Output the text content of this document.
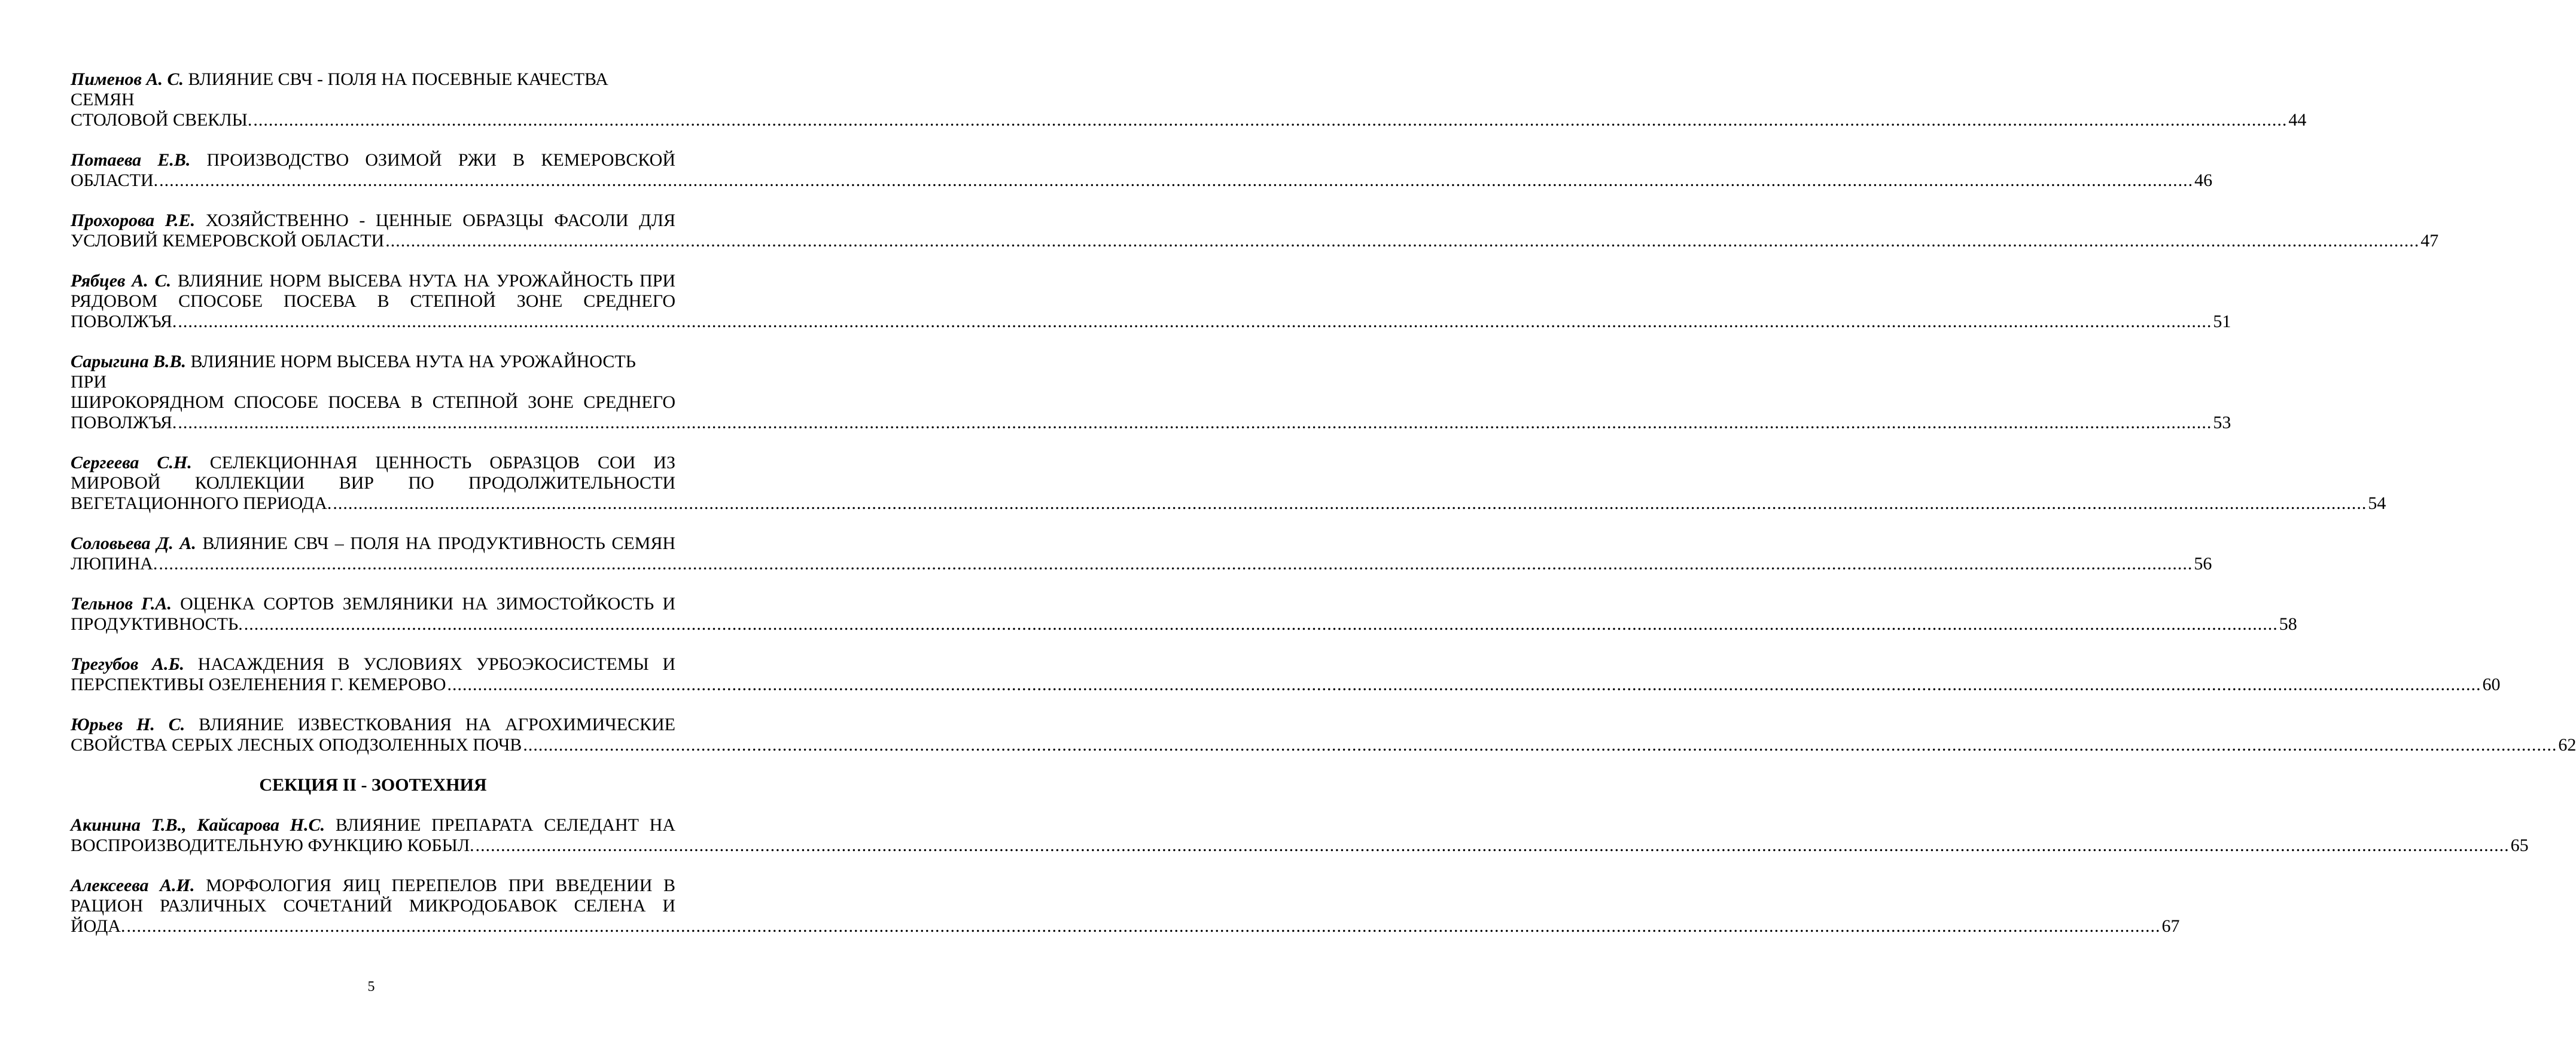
Пименов А. С. ВЛИЯНИЕ СВЧ - ПОЛЯ НА ПОСЕВНЫЕ КАЧЕСТВА СЕМЯН
СТОЛОВОЙ СВЕКЛЫ. ................................................................................................................................................................................................................................................................................................................................................................................................................ 44
Потаева Е.В. ПРОИЗВОДСТВО ОЗИМОЙ РЖИ В КЕМЕРОВСКОЙ
ОБЛАСТИ. ................................................................................................................................................................................................................................................................................................................................................................................................................ 46
Прохорова Р.Е. ХОЗЯЙСТВЕННО - ЦЕННЫЕ ОБРАЗЦЫ ФАСОЛИ ДЛЯ
УСЛОВИЙ КЕМЕРОВСКОЙ ОБЛАСТИ ................................................................................................................................................................................................................................................................................................................................................................................................................ 47
Рябцев А. С. ВЛИЯНИЕ НОРМ ВЫСЕВА НУТА НА УРОЖАЙНОСТЬ ПРИ
РЯДОВОМ СПОСОБЕ ПОСЕВА В СТЕПНОЙ ЗОНЕ СРЕДНЕГО
ПОВОЛЖЪЯ. ................................................................................................................................................................................................................................................................................................................................................................................................................ 51
Сарыгина В.В. ВЛИЯНИЕ НОРМ ВЫСЕВА НУТА НА УРОЖАЙНОСТЬ ПРИ
ШИРОКОРЯДНОМ СПОСОБЕ ПОСЕВА В СТЕПНОЙ ЗОНЕ СРЕДНЕГО
ПОВОЛЖЪЯ. ................................................................................................................................................................................................................................................................................................................................................................................................................ 53
Сергеева С.Н. СЕЛЕКЦИОННАЯ ЦЕННОСТЬ ОБРАЗЦОВ СОИ ИЗ
МИРОВОЙ КОЛЛЕКЦИИ ВИР ПО ПРОДОЛЖИТЕЛЬНОСТИ
ВЕГЕТАЦИОННОГО ПЕРИОДА. ................................................................................................................................................................................................................................................................................................................................................................................................................ 54
Соловьева Д. А. ВЛИЯНИЕ СВЧ – ПОЛЯ НА ПРОДУКТИВНОСТЬ СЕМЯН
ЛЮПИНА. ................................................................................................................................................................................................................................................................................................................................................................................................................ 56
Тельнов Г.А. ОЦЕНКА СОРТОВ ЗЕМЛЯНИКИ НА ЗИМОСТОЙКОСТЬ И
ПРОДУКТИВНОСТЬ. ................................................................................................................................................................................................................................................................................................................................................................................................................ 58
Трегубов А.Б. НАСАЖДЕНИЯ В УСЛОВИЯХ УРБОЭКОСИСТЕМЫ И
ПЕРСПЕКТИВЫ ОЗЕЛЕНЕНИЯ Г. КЕМЕРОВО ................................................................................................................................................................................................................................................................................................................................................................................................................ 60
Юрьев Н. С. ВЛИЯНИЕ ИЗВЕСТКОВАНИЯ НА АГРОХИМИЧЕСКИЕ
СВОЙСТВА СЕРЫХ ЛЕСНЫХ ОПОДЗОЛЕННЫХ ПОЧВ ................................................................................................................................................................................................................................................................................................................................................................................................................ 62
СЕКЦИЯ II - ЗООТЕХНИЯ
Акинина Т.В., Кайсарова Н.С. ВЛИЯНИЕ ПРЕПАРАТА СЕЛЕДАНТ НА
ВОСПРОИЗВОДИТЕЛЬНУЮ ФУНКЦИЮ КОБЫЛ. ................................................................................................................................................................................................................................................................................................................................................................................................................ 65
Алексеева А.И. МОРФОЛОГИЯ ЯИЦ ПЕРЕПЕЛОВ ПРИ ВВЕДЕНИИ В
РАЦИОН РАЗЛИЧНЫХ СОЧЕТАНИЙ МИКРОДОБАВОК СЕЛЕНА И
ЙОДА. ................................................................................................................................................................................................................................................................................................................................................................................................................ 67
5
